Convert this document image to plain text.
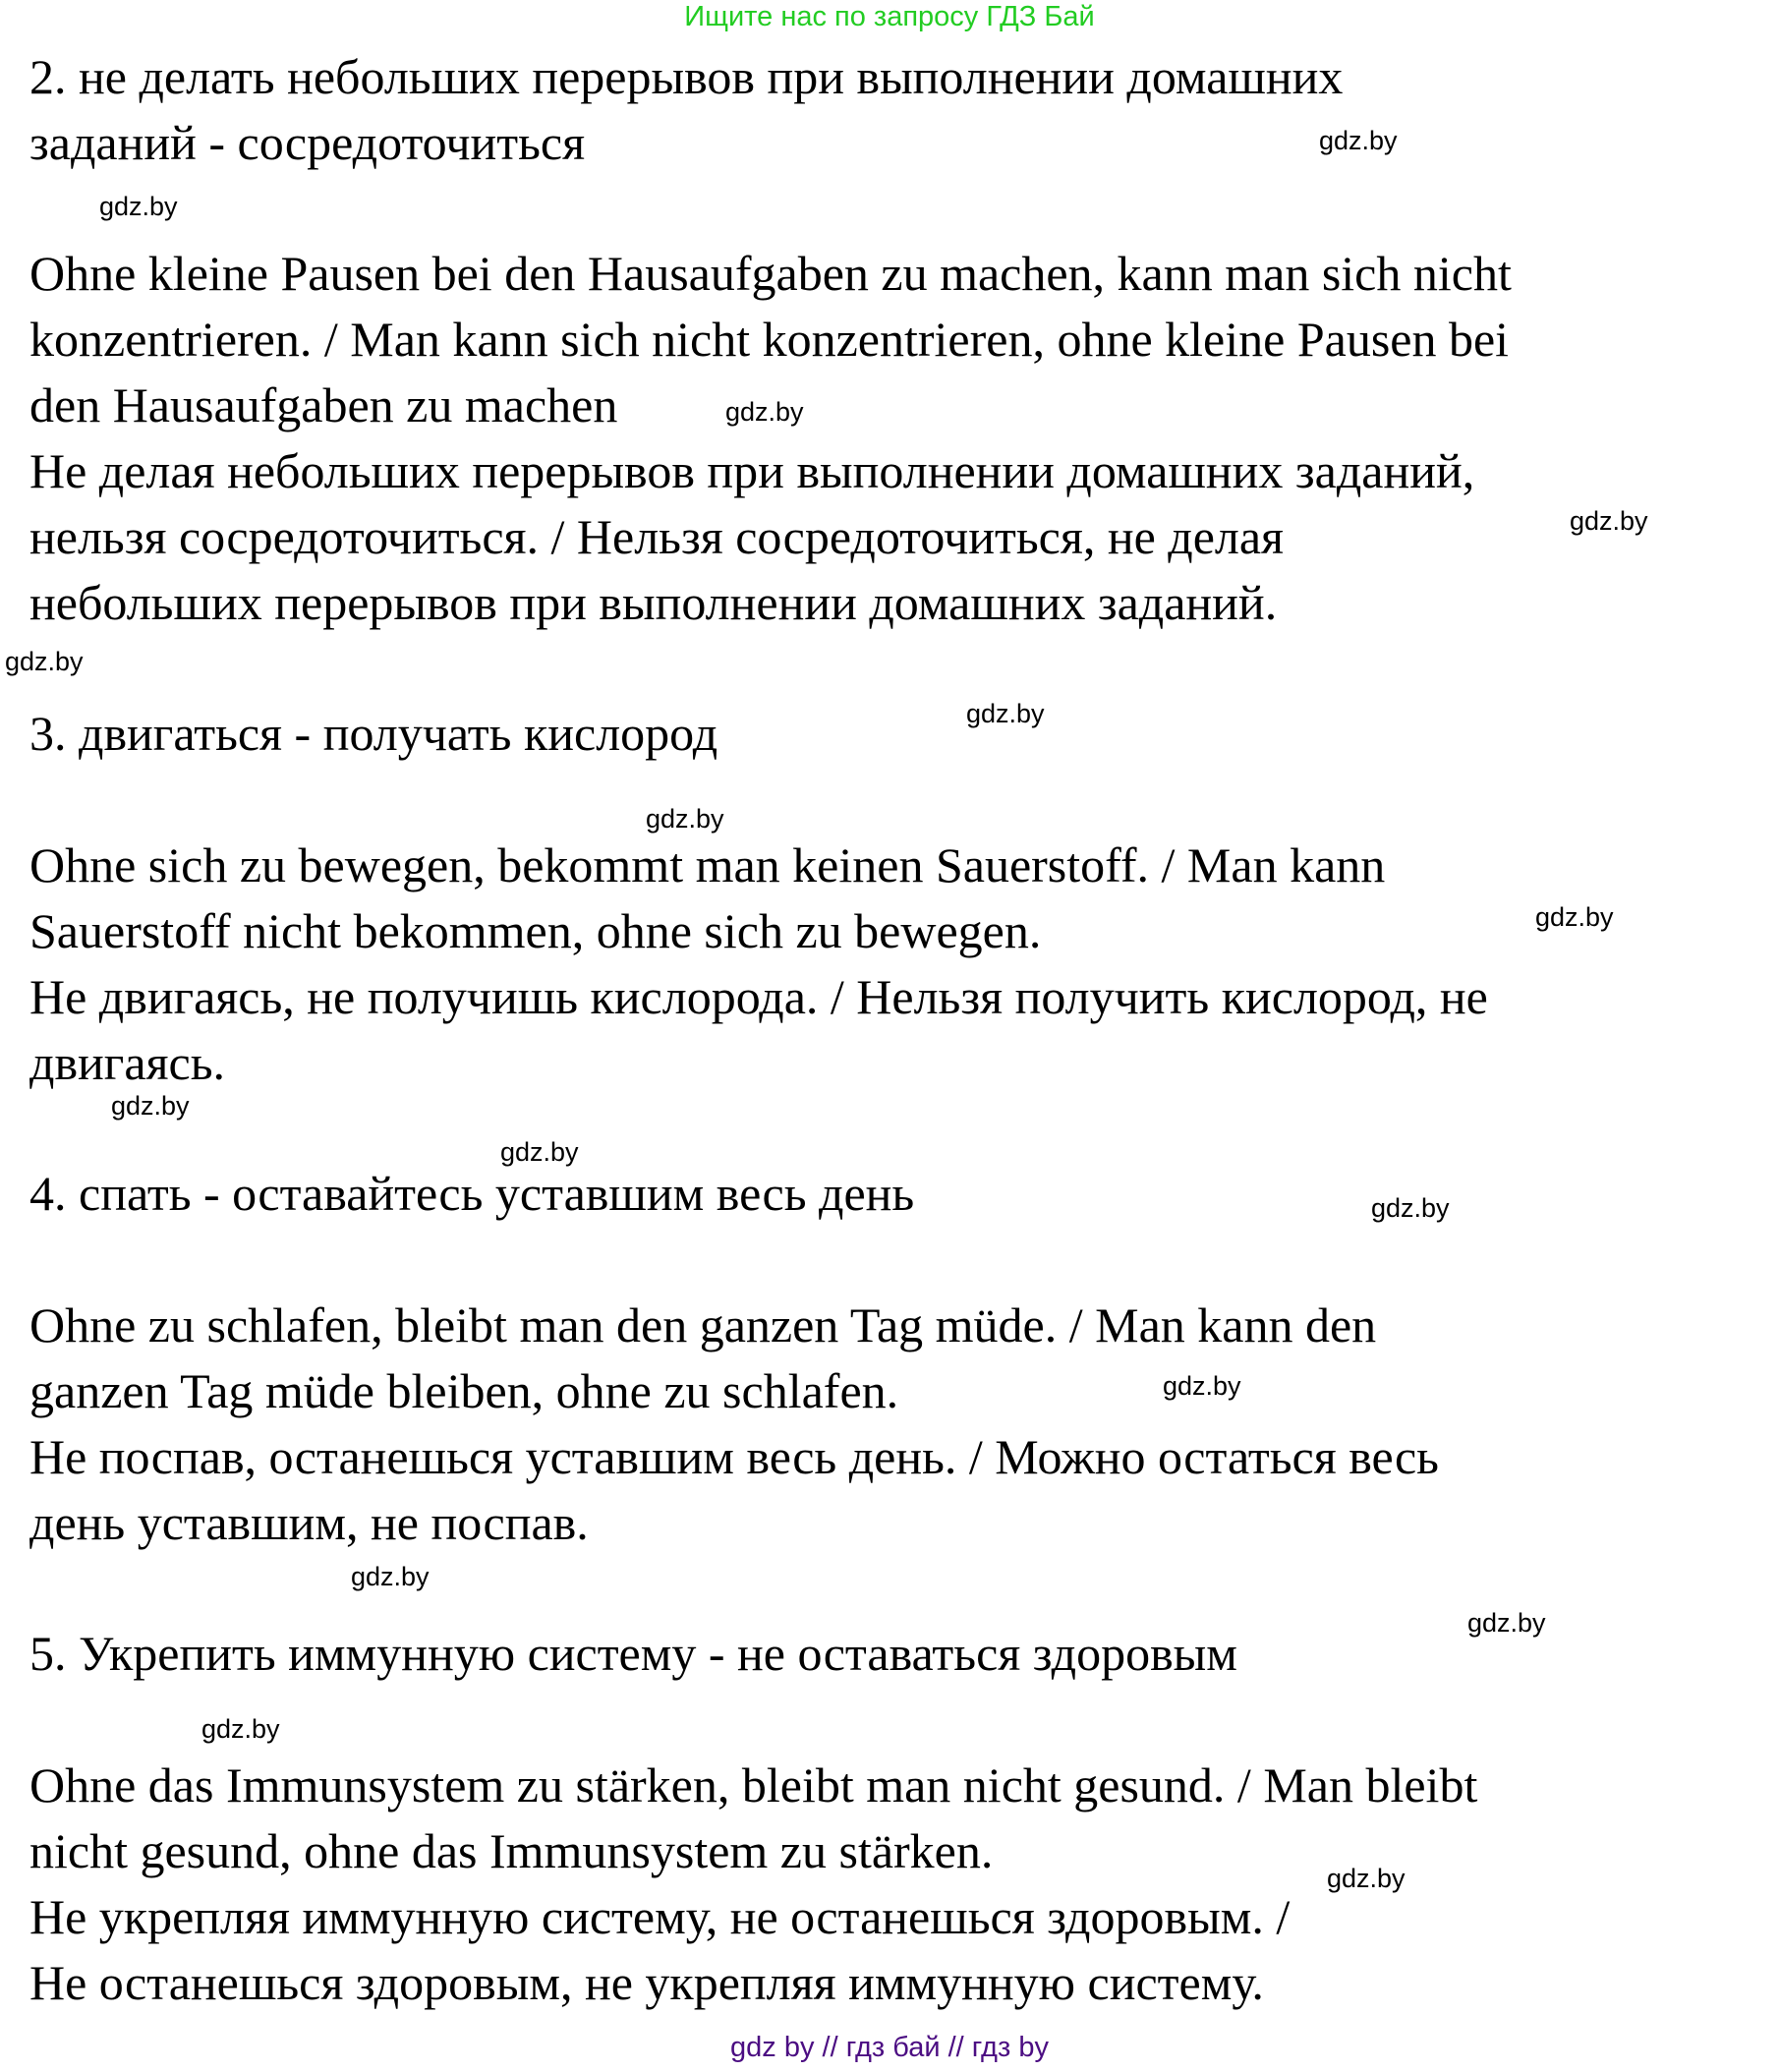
Ищите нас по запросу ГДЗ Бай
2. не делать небольших перерывов при выполнении домашних
заданий - сосредоточиться
Ohne kleine Pausen bei den Hausaufgaben zu machen, kann man sich nicht
konzentrieren. / Man kann sich nicht konzentrieren, ohne kleine Pausen bei
den Hausaufgaben zu machen
Не делая небольших перерывов при выполнении домашних заданий,
нельзя сосредоточиться. / Нельзя сосредоточиться, не делая
небольших перерывов при выполнении домашних заданий.
3. двигаться - получать кислород
Ohne sich zu bewegen, bekommt man keinen Sauerstoff. / Man kann
Sauerstoff nicht bekommen, ohne sich zu bewegen.
Не двигаясь, не получишь кислорода. / Нельзя получить кислород, не
двигаясь.
4. спать - оставайтесь уставшим весь день
Ohne zu schlafen, bleibt man den ganzen Tag müde. / Man kann den
ganzen Tag müde bleiben, ohne zu schlafen.
Не поспав, останешься уставшим весь день. / Можно остаться весь
день уставшим, не поспав.
5. Укрепить иммунную систему - не оставаться здоровым
Ohne das Immunsystem zu stärken, bleibt man nicht gesund. / Man bleibt
nicht gesund, ohne das Immunsystem zu stärken.
Не укрепляя иммунную систему, не останешься здоровым. /
Не останешься здоровым, не укрепляя иммунную систему.
gdz.by
gdz.by
gdz.by
gdz.by
gdz.by
gdz.by
gdz.by
gdz.by
gdz.by
gdz.by
gdz.by
gdz.by
gdz.by
gdz.by
gdz.by
gdz.by
gdz by // гдз бай // гдз by
